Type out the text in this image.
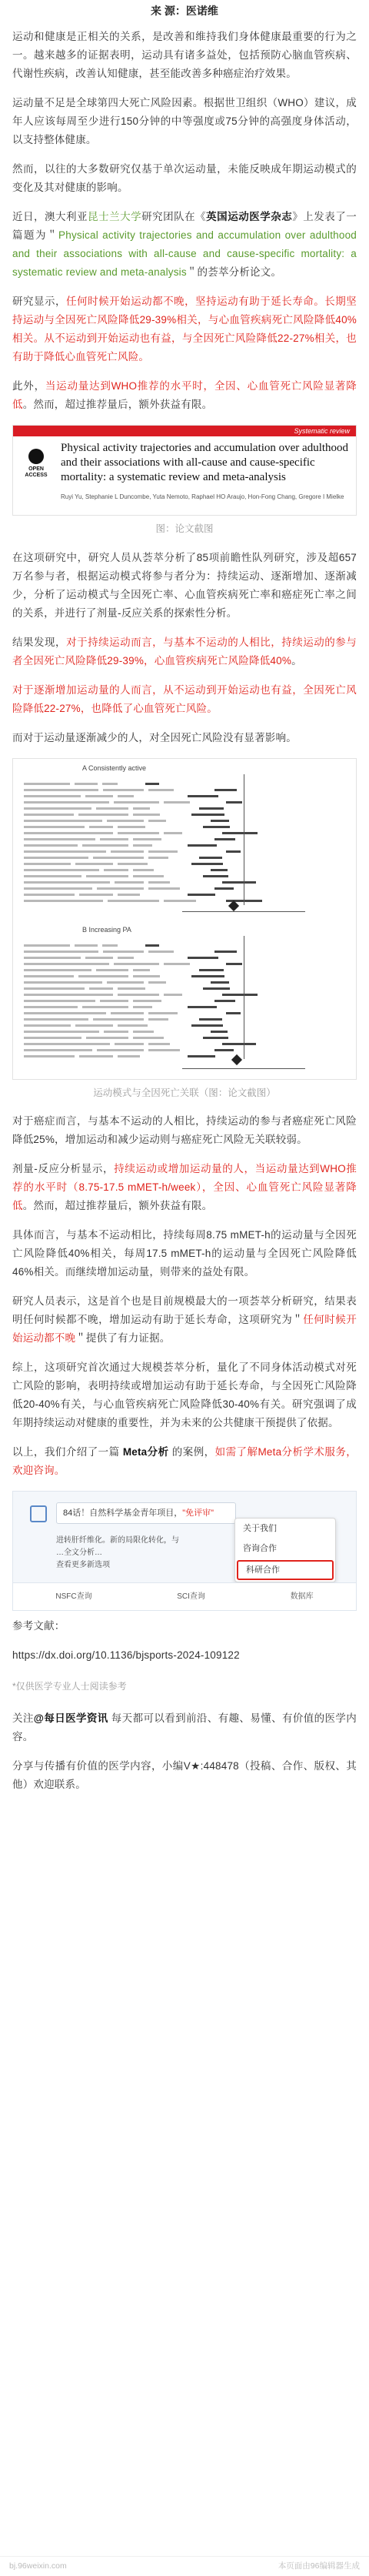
来 源：医诺维

运动和健康是正相关的关系，是改善和维持我们身体健康最重要的行为之一。越来越多的证据表明，运动具有诸多益处，包括预防心脑血管疾病、代谢性疾病，改善认知健康，甚至能改善多种癌症治疗效果。

运动量不足是全球第四大死亡风险因素。根据世卫组织（WHO）建议，成年人应该每周至少进行150分钟的中等强度或75分钟的高强度身体活动，以支持整体健康。

然而，以往的大多数研究仅基于单次运动量，未能反映成年期运动模式的变化及其对健康的影响。

近日，澳大利亚昆士兰大学研究团队在《英国运动医学杂志》上发表了一篇题为＂Physical activity trajectories and accumulation over adulthood and their associations with all-cause and cause-specific mortality: a systematic review and meta-analysis＂的荟萃分析论文。

研究显示，任何时候开始运动都不晚，坚持运动有助于延长寿命。长期坚持运动与全因死亡风险降低29-39%相关，与心血管疾病死亡风险降低40%相关。从不运动到开始运动也有益，与全因死亡风险降低22-27%相关，也有助于降低心血管死亡风险。

此外，当运动量达到WHO推荐的水平时，全因、心血管死亡风险显著降低。然而，超过推荐量后，额外获益有限。

Systematic review
OPEN ACCESS
Physical activity trajectories and accumulation over adulthood and their associations with all-cause and cause-specific mortality: a systematic review and meta-analysis
Ruyi Yu, Stephanie L Duncombe, Yuta Nemoto, Raphael HO Araujo, Hon-Fong Chang, Gregore I Mielke
图：论文截图

在这项研究中，研究人员从荟萃分析了85项前瞻性队列研究，涉及超657万名参与者，根据运动模式将参与者分为：持续运动、逐渐增加、逐渐减少，分析了运动模式与全因死亡率、心血管疾病死亡率和癌症死亡率之间的关系，并进行了剂量-反应关系的探索性分析。

结果发现，对于持续运动而言，与基本不运动的人相比，持续运动的参与者全因死亡风险降低29-39%，心血管疾病死亡风险降低40%。

对于逐渐增加运动量的人而言，从不运动到开始运动也有益，全因死亡风险降低22-27%，也降低了心血管死亡风险。

而对于运动量逐渐减少的人，对全因死亡风险没有显著影响。

A Consistently active
B Increasing PA
运动模式与全因死亡关联（图：论文截图）

对于癌症而言，与基本不运动的人相比，持续运动的参与者癌症死亡风险降低25%，增加运动和减少运动则与癌症死亡风险无关联较弱。

剂量-反应分析显示，持续运动或增加运动量的人，当运动量达到WHO推荐的水平时（8.75-17.5 mMET-h/week），全因、心血管死亡风险显著降低。然而，超过推荐量后，额外获益有限。

具体而言，与基本不运动相比，持续每周8.75 mMET-h的运动量与全因死亡风险降低40%相关，每周17.5 mMET-h的运动量与全因死亡风险降低46%相关。而继续增加运动量，则带来的益处有限。

研究人员表示，这是首个也是目前规模最大的一项荟萃分析研究，结果表明任何时候都不晚，增加运动有助于延长寿命，这项研究为＂任何时候开始运动都不晚＂提供了有力证据。

综上，这项研究首次通过大规模荟萃分析，量化了不同身体活动模式对死亡风险的影响，表明持续或增加运动有助于延长寿命，与全因死亡风险降低20-40%有关，与心血管疾病死亡风险降低30-40%有关。研究强调了成年期持续运动对健康的重要性，并为未来的公共健康干预提供了依据。

以上，我们介绍了一篇 Meta分析 的案例，如需了解Meta分析学术服务，欢迎咨询。

84话！自然科学基金青年项目，"免评审"
进转肝纤维化。新的局限化转化，与
…全文分析…
查看更多新选项
关于我们
咨询合作
科研合作
NSFC查询	SCI查询	数据库

参考文献：

https://dx.doi.org/10.1136/bjsports-2024-109122

*仅供医学专业人士阅读参考

关注@每日医学资讯 每天都可以看到前沿、有趣、易懂、有价值的医学内容。

分享与传播有价值的医学内容，小编V★:448478（投稿、合作、版权、其他）欢迎联系。

bj.96weixin.com	本页面由96编辑器生成
